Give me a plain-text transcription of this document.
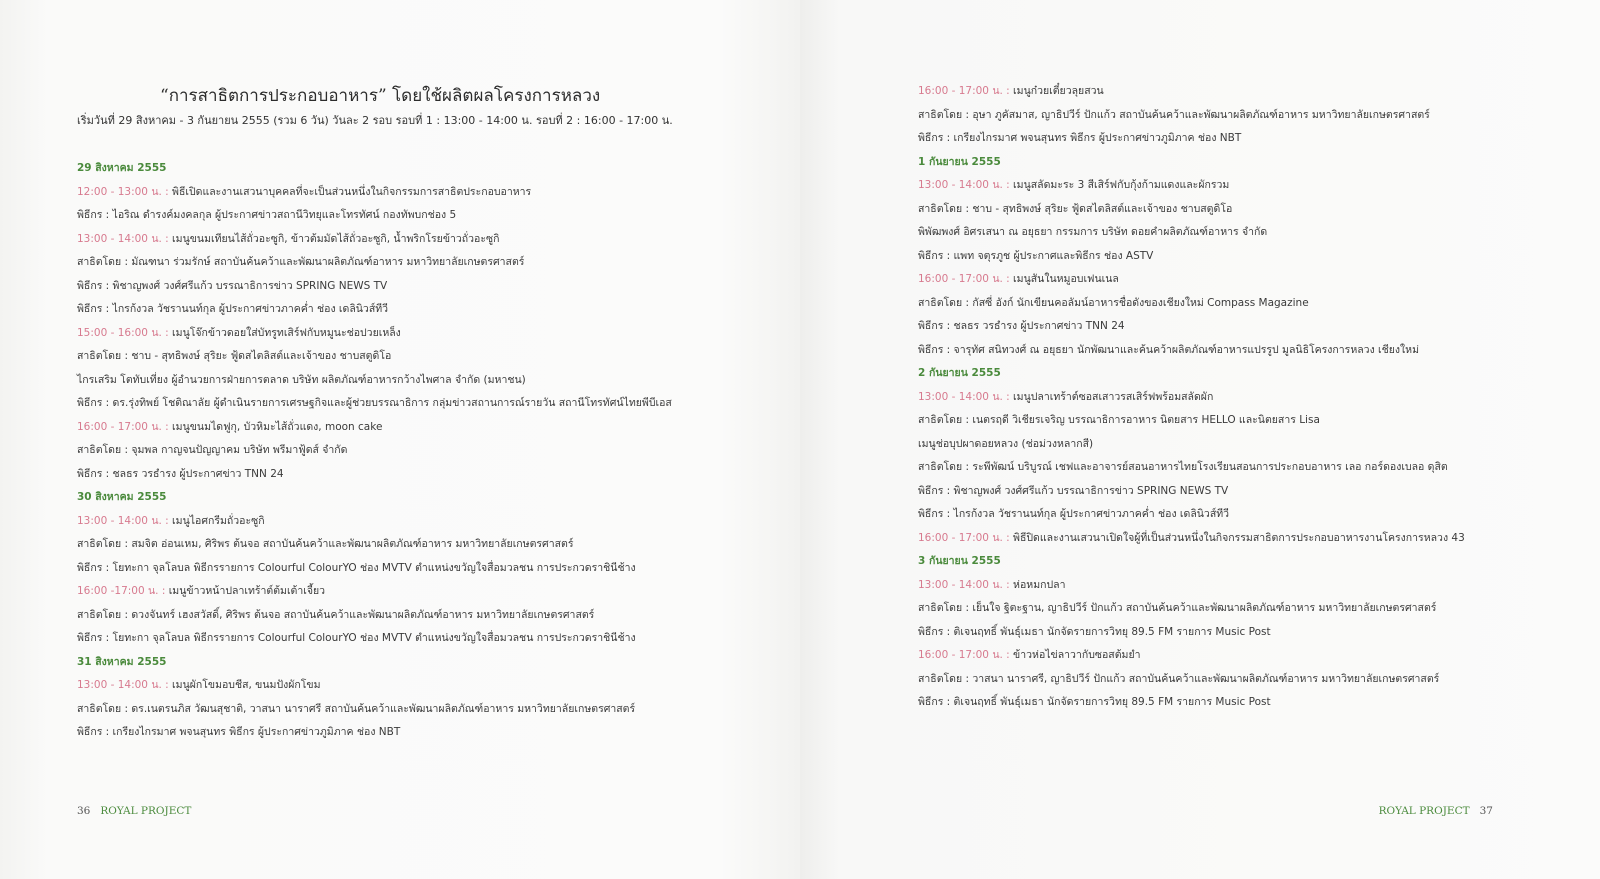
“การสาธิตการประกอบอาหาร” โดยใช้ผลิตผลโครงการหลวง
เริ่มวันที่ 29 สิงหาคม - 3 กันยายน 2555 (รวม 6 วัน) วันละ 2 รอบ รอบที่ 1 : 13:00 - 14:00 น. รอบที่ 2 : 16:00 - 17:00 น.
29 สิงหาคม 2555
12:00 - 13:00 น. : พิธีเปิดและงานเสวนาบุคคลที่จะเป็นส่วนหนึ่งในกิจกรรมการสาธิตประกอบอาหาร
พิธีกร : ไอริณ ดำรงค์มงคลกุล ผู้ประกาศข่าวสถานีวิทยุและโทรทัศน์ กองทัพบกช่อง 5
13:00 - 14:00 น. : เมนูขนมเทียนไส้ถั่วอะซูกิ, ข้าวต้มมัดไส้ถั่วอะซูกิ, น้ำพริกโรยข้าวถั่วอะซูกิ
สาธิตโดย : มัณฑนา ร่วมรักษ์ สถาบันค้นคว้าและพัฒนาผลิตภัณฑ์อาหาร มหาวิทยาลัยเกษตรศาสตร์
พิธีกร : พิชาญพงศ์ วงศ์ศรีแก้ว บรรณาธิการข่าว SPRING NEWS TV
พิธีกร : ไกรก้งวล วัชรานนท์กุล ผู้ประกาศข่าวภาคค่ำ ช่อง เดลินิวส์ทีวี
15:00 - 16:00 น. : เมนูโจ๊กข้าวดอยใส่บัทรูทเสิร์ฟกับหมูนะช่อปวยเหล็ง
สาธิตโดย : ชาบ - สุทธิพงษ์ สุริยะ ฟู้ดสไตลิสต์และเจ้าของ ชาบสตูดิโอ
ไกรเสริม โตทับเที่ยง ผู้อำนวยการฝ่ายการตลาด บริษัท ผลิตภัณฑ์อาหารกว้างไพศาล จำกัด (มหาชน)
พิธีกร : ดร.รุ่งทิพย์ โชติณาลัย ผู้ดำเนินรายการเศรษฐกิจและผู้ช่วยบรรณาธิการ กลุ่มข่าวสถานการณ์รายวัน สถานีโทรทัศน์ไทยพีบีเอส
16:00 - 17:00 น. : เมนูขนมไดฟูกุ, บัวหิมะไส้ถั่วแดง, moon cake
สาธิตโดย : จุมพล กาญจนปัญญาคม บริษัท พรีมาฟู้ดส์ จำกัด
พิธีกร : ชลธร วรธำรง ผู้ประกาศข่าว TNN 24
30 สิงหาคม 2555
13:00 - 14:00 น. : เมนูไอศกรีมถั่วอะซูกิ
สาธิตโดย : สมจิต อ่อนเหม, ศิริพร ต้นจอ สถาบันค้นคว้าและพัฒนาผลิตภัณฑ์อาหาร มหาวิทยาลัยเกษตรศาสตร์
พิธีกร : โยทะกา จุลโลบล พิธีกรรายการ Colourful ColourYO ช่อง MVTV ตำแหน่งขวัญใจสื่อมวลชน การประกวดราชินีช้าง
16:00 -17:00 น. : เมนูข้าวหน้าปลาเทร้าต์ต้มเต้าเจี้ยว
สาธิตโดย : ดวงจันทร์ เฮงสวัสดิ์, ศิริพร ต้นจอ สถาบันค้นคว้าและพัฒนาผลิตภัณฑ์อาหาร มหาวิทยาลัยเกษตรศาสตร์
พิธีกร : โยทะกา จุลโลบล พิธีกรรายการ Colourful ColourYO ช่อง MVTV ตำแหน่งขวัญใจสื่อมวลชน การประกวดราชินีช้าง
31 สิงหาคม 2555
13:00 - 14:00 น. : เมนูผักโขมอบชีส, ขนมปังผักโขม
สาธิตโดย : ดร.เนตรนภิส วัฒนสุชาติ, วาสนา นาราศรี สถาบันค้นคว้าและพัฒนาผลิตภัณฑ์อาหาร มหาวิทยาลัยเกษตรศาสตร์
พิธีกร : เกรียงไกรมาศ พจนสุนทร พิธีกร ผู้ประกาศข่าวภูมิภาค ช่อง NBT
36 ROYAL PROJECT	ROYAL PROJECT 37
16:00 - 17:00 น. : เมนูก๋วยเตี๋ยวลุยสวน
สาธิตโดย : อุษา ภูคัสมาส, ญาธิปวีร์ ปักแก้ว สถาบันค้นคว้าและพัฒนาผลิตภัณฑ์อาหาร มหาวิทยาลัยเกษตรศาสตร์
พิธีกร : เกรียงไกรมาศ พจนสุนทร พิธีกร ผู้ประกาศข่าวภูมิภาค ช่อง NBT
1 กันยายน 2555
13:00 - 14:00 น. : เมนูสลัดมะระ 3 สีเสิร์ฟกับกุ้งก้ามแดงและผักรวม
สาธิตโดย : ชาบ - สุทธิพงษ์ สุริยะ ฟู้ดสไตลิสต์และเจ้าของ ชาบสตูดิโอ
พิพัฒพงศ์ อิศรเสนา ณ อยุธยา กรรมการ บริษัท ดอยคำผลิตภัณฑ์อาหาร จำกัด
พิธีกร : แพท จตุรภูช ผู้ประกาศและพิธีกร ช่อง ASTV
16:00 - 17:00 น. : เมนูสันในหมูอบเฟนเนล
สาธิตโดย : กัสซี่ อังก์ นักเขียนคอลัมน์อาหารชื่อดังของเชียงใหม่ Compass Magazine
พิธีกร : ชลธร วรธำรง ผู้ประกาศข่าว TNN 24
พิธีกร : จารุทัศ สนิทวงศ์ ณ อยุธยา นักพัฒนาและค้นคว้าผลิตภัณฑ์อาหารแปรรูป มูลนิธิโครงการหลวง เชียงใหม่
2 กันยายน 2555
13:00 - 14:00 น. : เมนูปลาเทร้าต์ซอสเสาวรสเสิร์ฟพร้อมสลัดผัก
สาธิตโดย : เนตรฤดี วิเชียรเจริญ บรรณาธิการอาหาร นิตยสาร HELLO และนิตยสาร Lisa
เมนูช่อบุปผาดอยหลวง (ช่อม่วงหลากสี)
สาธิตโดย : ระพีพัฒน์ บริบูรณ์ เชฟและอาจารย์สอนอาหารไทยโรงเรียนสอนการประกอบอาหาร เลอ กอร์ดองเบลอ ดุสิต
พิธีกร : พิชาญพงศ์ วงศ์ศรีแก้ว บรรณาธิการข่าว SPRING NEWS TV
พิธีกร : ไกรก้งวล วัชรานนท์กุล ผู้ประกาศข่าวภาคค่ำ ช่อง เดลินิวส์ทีวี
16:00 - 17:00 น. : พิธีปิดและงานเสวนาเปิดใจผู้ที่เป็นส่วนหนึ่งในกิจกรรมสาธิตการประกอบอาหารงานโครงการหลวง 43
3 กันยายน 2555
13:00 - 14:00 น. : ห่อหมกปลา
สาธิตโดย : เย็นใจ ฐิตะฐาน, ญาธิปวีร์ ปักแก้ว สถาบันค้นคว้าและพัฒนาผลิตภัณฑ์อาหาร มหาวิทยาลัยเกษตรศาสตร์
พิธีกร : ติเจนฤทธิ์ พันธุ์เมธา นักจัดรายการวิทยุ 89.5 FM รายการ Music Post
16:00 - 17:00 น. : ข้าวห่อไข่ลาวากับซอสต้มยำ
สาธิตโดย : วาสนา นาราศรี, ญาธิปวีร์ ปักแก้ว สถาบันค้นคว้าและพัฒนาผลิตภัณฑ์อาหาร มหาวิทยาลัยเกษตรศาสตร์
พิธีกร : ติเจนฤทธิ์ พันธุ์เมธา นักจัดรายการวิทยุ 89.5 FM รายการ Music Post
